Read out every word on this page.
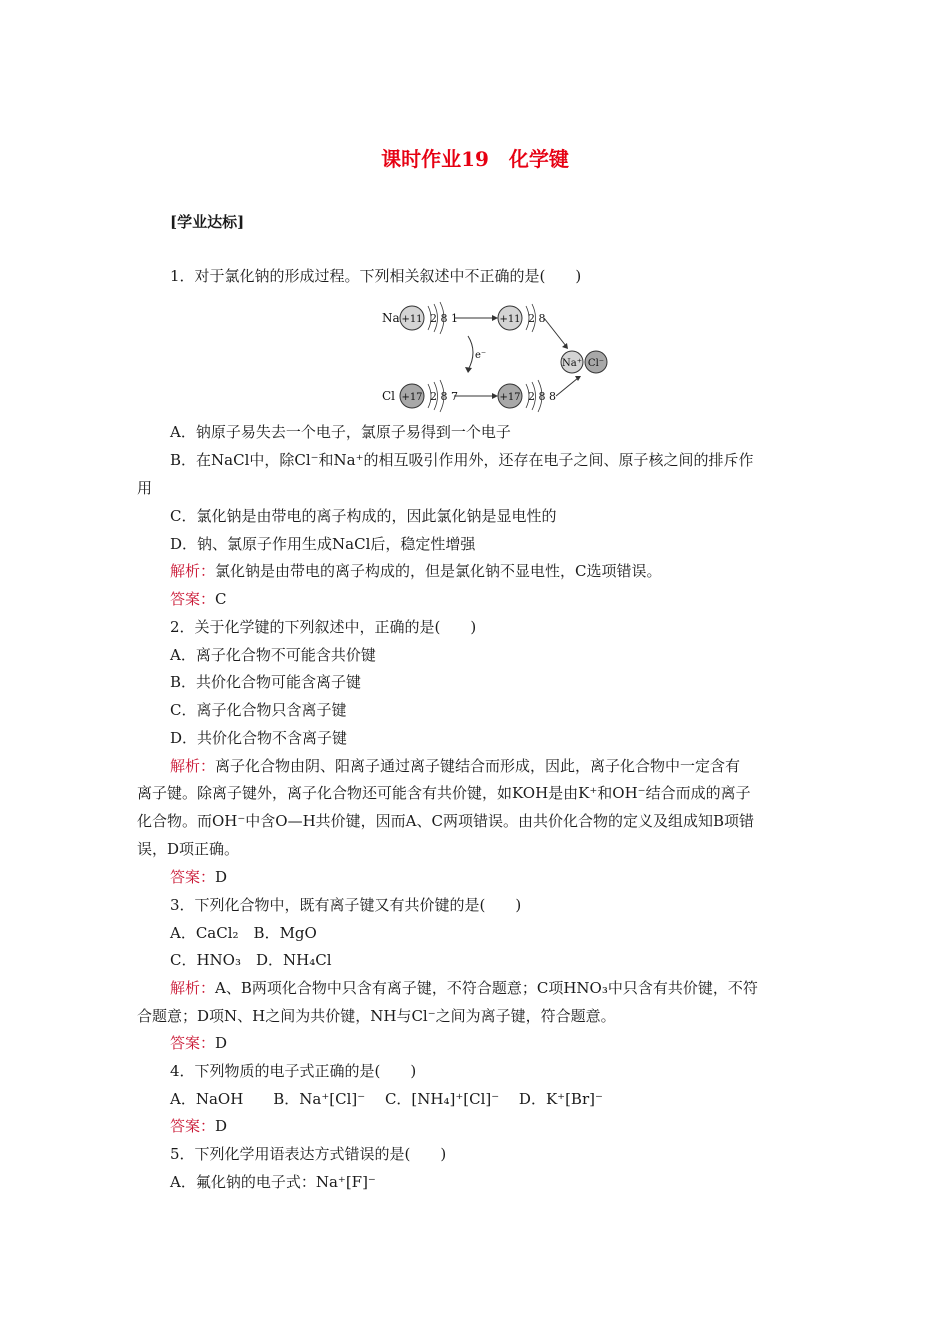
课时作业19　化学键
[学业达标]
1．对于氯化钠的形成过程。下列相关叙述中不正确的是(　　)
Na +11 2 8 1	+11 2 8
e⁻
Na⁺ Cl⁻
Cl +17 2 8 7	+17 2 8 8
A．钠原子易失去一个电子，氯原子易得到一个电子
B．在NaCl中，除Cl⁻和Na⁺的相互吸引作用外，还存在电子之间、原子核之间的排斥作
用
C．氯化钠是由带电的离子构成的，因此氯化钠是显电性的
D．钠、氯原子作用生成NaCl后，稳定性增强
解析：氯化钠是由带电的离子构成的，但是氯化钠不显电性，C选项错误。
答案：C
2．关于化学键的下列叙述中，正确的是(　　)
A．离子化合物不可能含共价键
B．共价化合物可能含离子键
C．离子化合物只含离子键
D．共价化合物不含离子键
解析：离子化合物由阴、阳离子通过离子键结合而形成，因此，离子化合物中一定含有
离子键。除离子键外，离子化合物还可能含有共价键，如KOH是由K⁺和OH⁻结合而成的离子
化合物。而OH⁻中含O—H共价键，因而A、C两项错误。由共价化合物的定义及组成知B项错
误，D项正确。
答案：D
3．下列化合物中，既有离子键又有共价键的是(　　)
A．CaCl₂　B．MgO
C．HNO₃　D．NH₄Cl
解析：A、B两项化合物中只含有离子键，不符合题意；C项HNO₃中只含有共价键，不符
合题意；D项N、H之间为共价键，NH与Cl⁻之间为离子键，符合题意。
答案：D
4．下列物质的电子式正确的是(　　)
A．NaOH　　B．Na⁺[Cl]⁻　 C．[NH₄]⁺[Cl]⁻　 D．K⁺[Br]⁻
答案：D
5．下列化学用语表达方式错误的是(　　)
A．氟化钠的电子式：Na⁺[F]⁻
